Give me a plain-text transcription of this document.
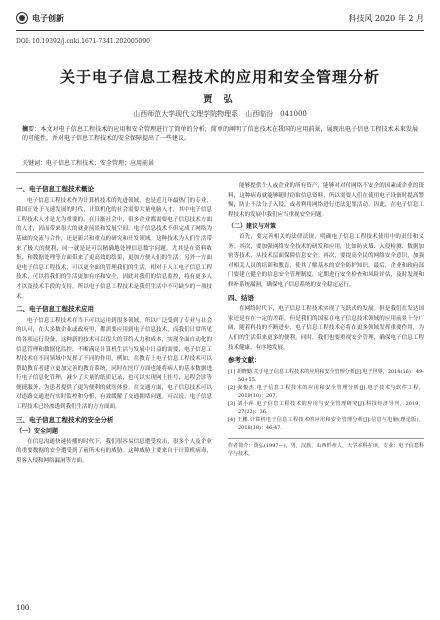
电子创新	科技风 2020 年 2 月
DOI: 10.19392/j.cnki.1671-7341.202005090
关于电子信息工程技术的应用和安全管理分析
贾 弘
山西师范大学现代文理学院物理系　山西临汾　041000
摘要：本文对电子信息工程技术的应用和安全管理进行了简单的分析，简单的阐明了信息技术在我国的应用前景，展现出电子信息工程技术未来发展的可能性，并对电子信息工程技术的安全保障提出了一些建议。
关键词：电子信息工程技术；安全管理；应用前景
一、电子信息工程技术概论

电子信息工程技术作为计算机技术的先进领域，也是近几年最热门的专业，我国正处于飞速发展的时代，计算机化的社会需要大量电脑人才，其中电子信息工程技术人才是尤为重要的。在日渐社会中，很多企业都需要电子信息技术方面的人才，因而带来很大的就业前景和发展空间。电子信息技术不但完成了网络为基础的交流与合作，还是新兴和重点的研究和开发领域。这种技术为人们生活带来了极大的便利，同一就是是可以精确地处理信息数字问题。尤其是在资料收集、和数据处理等方面带来了更高效的结果，更加方便人们的生活。另外一方面是电子信息工程技术，可以更全面的管理我们的生活，相对于人工电子信息工程技术，可以将我们的生活更加有序和安全，因此对我们的信息监控，将有更多人才以及技术手段的支持。所以电子信息工程技术是我们生活中不可缺少的一项技术。

二、电子信息工程技术应用

电子信息工程技术在当下可以运用到很多领域，所以广泛受到了专业与社会的认可，在大多数企业或政府里，都需要应用到电子信息技术，而我们日常所见的各项运行设备，这种新的技术可以很大的节约人力和成本，实现全面自动化的信息管理和数据化监控，不断满足计算机生活与发展中日益的需要，电子信息工程技术在不同领域中发挥了不同的作用。例如，在教育上电子信息工程技术可以帮助教育者建立更加完善的教育系统，同时在医疗方面也能将病人的基本数据进行电子信息化管理，减少了大量的纸质记录，也可以实现网上挂号、远程会诊等便捷服务，为患者提供了更为便利的就医体验。在交通方面，电子信息技术可以对道路交通进行实时监控和分析，有效缓解了交通拥堵问题。可以说，电子信息工程技术已经渗透到我们生活的方方面面。

三、电子信息工程技术的安全分析
（一）安全问题

在信息沟通快速传播的时代下，我们很容易信息遭受攻击，很多个人及企业的重要数据的安全遭受到了前所未有的威胁。这种威胁主要来自于计算机病毒，黑客入侵和网络漏洞等方面。

能够提供个人或企业的所有资产，能够对对付网络不安全的因素或企业的资料，这种病毒就能够随时窃取信息资料，所以需要人们在使用电子设备时提高警惕，防止不法分子入侵，或者利用网络进行违法犯罪活动。因此，在电子信息工程技术的发展中我们应当重视安全问题。

（二）建议与对策

首先，要完善相关的法律法规，明确电子信息工程技术使用中的责任和义务。其次，要加强网络安全技术的研发和应用，比如防火墙、入侵检测、数据加密等技术，从技术层面保障信息安全。再次，要提高全民的网络安全意识，加强对相关人员的培训和教育，使其了解基本的安全防护知识。最后，企业和政府部门要建立健全的信息安全管理制度，定期进行安全检查和风险评估，及时发现和修补系统漏洞，确保电子信息系统的安全稳定运行。

四、结语

在网络时代下，电子信息工程技术实现了飞跃式的发展。但是我们在发达国家还是存在一定的差距。但是我们的国家在电子信息技术领域的应用前景十分广阔，随着科技的不断进步，电子信息工程技术必将在更多领域发挥重要作用，为人们的生活带来更多的便利。同时，我们也要重视安全管理，确保电子信息工程技术健康、有序地发展。

参考文献：
[1] 胡晓勤.关于电子信息工程技术的应用和安全管理分析[J].电子世界，2018(16)：49-50+55.
[2] 张俊杰.电子信息工程技术的应用和安全管理分析[J].电子技术与软件工程，2019(10)：207.
[3] 刘小萍.电子信息工程技术的应用与安全管理研究[J].科技经济导刊，2019，27(22)：36.
[4] 王鹏.计算机电子信息工程技术的应用和安全管理分析[J].信息与电脑(理论版)，2018(18)：46-47.
作者简介：贾弘(1997—)，男，汉族，山西忻州人，大学本科在读，专业：电子信息科学与技术。
100
